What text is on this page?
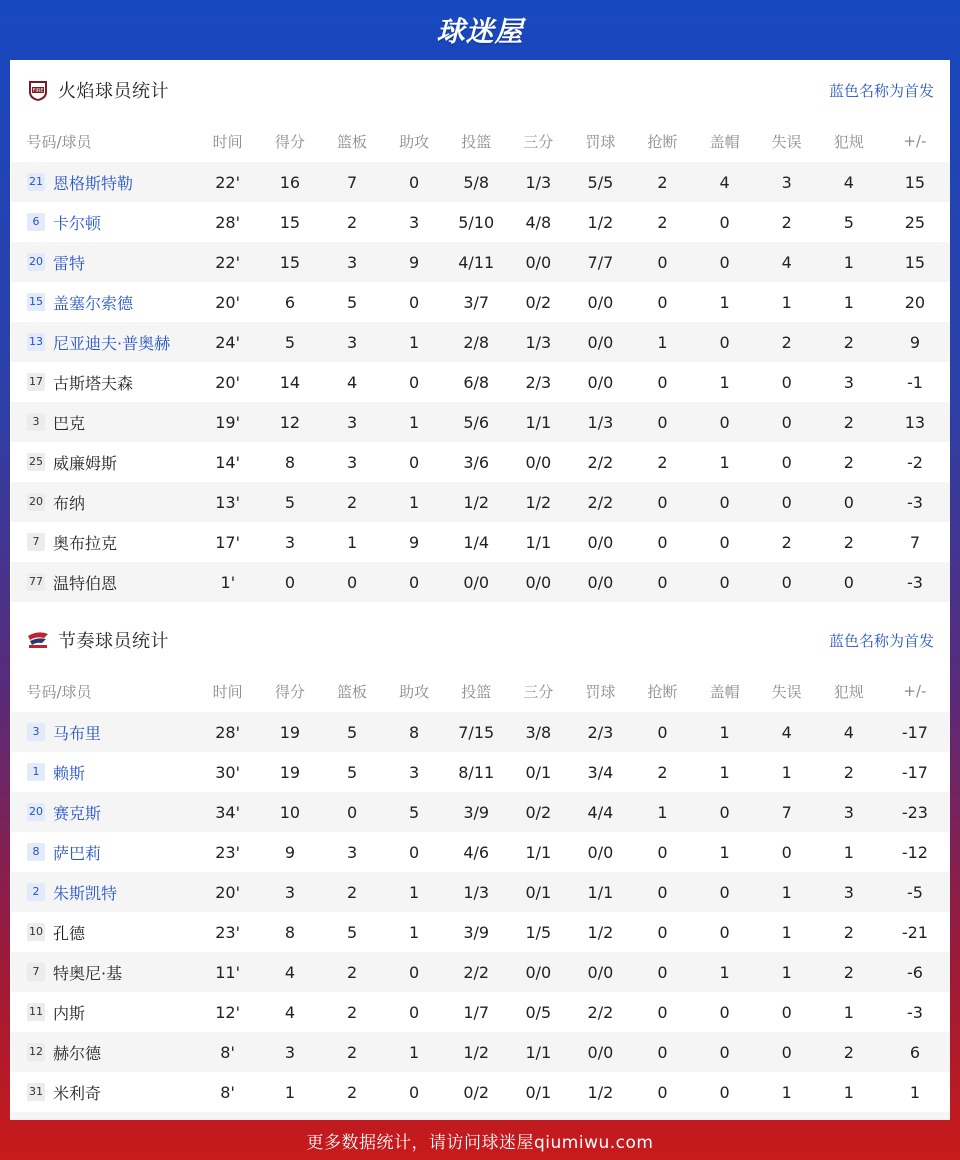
球迷屋
FIRE 火焰球员统计	蓝色名称为首发
号码/球员	时间	得分	篮板	助攻	投篮	三分	罚球	抢断	盖帽	失误	犯规	+/-
21 恩格斯特勒	22'	16	7	0	5/8	1/3	5/5	2	4	3	4	15
6 卡尔顿	28'	15	2	3	5/10	4/8	1/2	2	0	2	5	25
20 雷特	22'	15	3	9	4/11	0/0	7/7	0	0	4	1	15
15 盖塞尔索德	20'	6	5	0	3/7	0/2	0/0	0	1	1	1	20
13 尼亚迪夫·普奥赫	24'	5	3	1	2/8	1/3	0/0	1	0	2	2	9
17 古斯塔夫森	20'	14	4	0	6/8	2/3	0/0	0	1	0	3	-1
3 巴克	19'	12	3	1	5/6	1/1	1/3	0	0	0	2	13
25 威廉姆斯	14'	8	3	0	3/6	0/0	2/2	2	1	0	2	-2
20 布纳	13'	5	2	1	1/2	1/2	2/2	0	0	0	0	-3
7 奥布拉克	17'	3	1	9	1/4	1/1	0/0	0	0	2	2	7
77 温特伯恩	1'	0	0	0	0/0	0/0	0/0	0	0	0	0	-3
节奏球员统计	蓝色名称为首发
号码/球员	时间	得分	篮板	助攻	投篮	三分	罚球	抢断	盖帽	失误	犯规	+/-
3 马布里	28'	19	5	8	7/15	3/8	2/3	0	1	4	4	-17
1 赖斯	30'	19	5	3	8/11	0/1	3/4	2	1	1	2	-17
20 赛克斯	34'	10	0	5	3/9	0/2	4/4	1	0	7	3	-23
8 萨巴莉	23'	9	3	0	4/6	1/1	0/0	0	1	0	1	-12
2 朱斯凯特	20'	3	2	1	1/3	0/1	1/1	0	0	1	3	-5
10 孔德	23'	8	5	1	3/9	1/5	1/2	0	0	1	2	-21
7 特奥尼·基	11'	4	2	0	2/2	0/0	0/0	0	1	1	2	-6
11 内斯	12'	4	2	0	1/7	0/5	2/2	0	0	0	1	-3
12 赫尔德	8'	3	2	1	1/2	1/1	0/0	0	0	0	2	6
31 米利奇	8'	1	2	0	0/2	0/1	1/2	0	0	1	1	1

更多数据统计，请访问球迷屋qiumiwu.com
